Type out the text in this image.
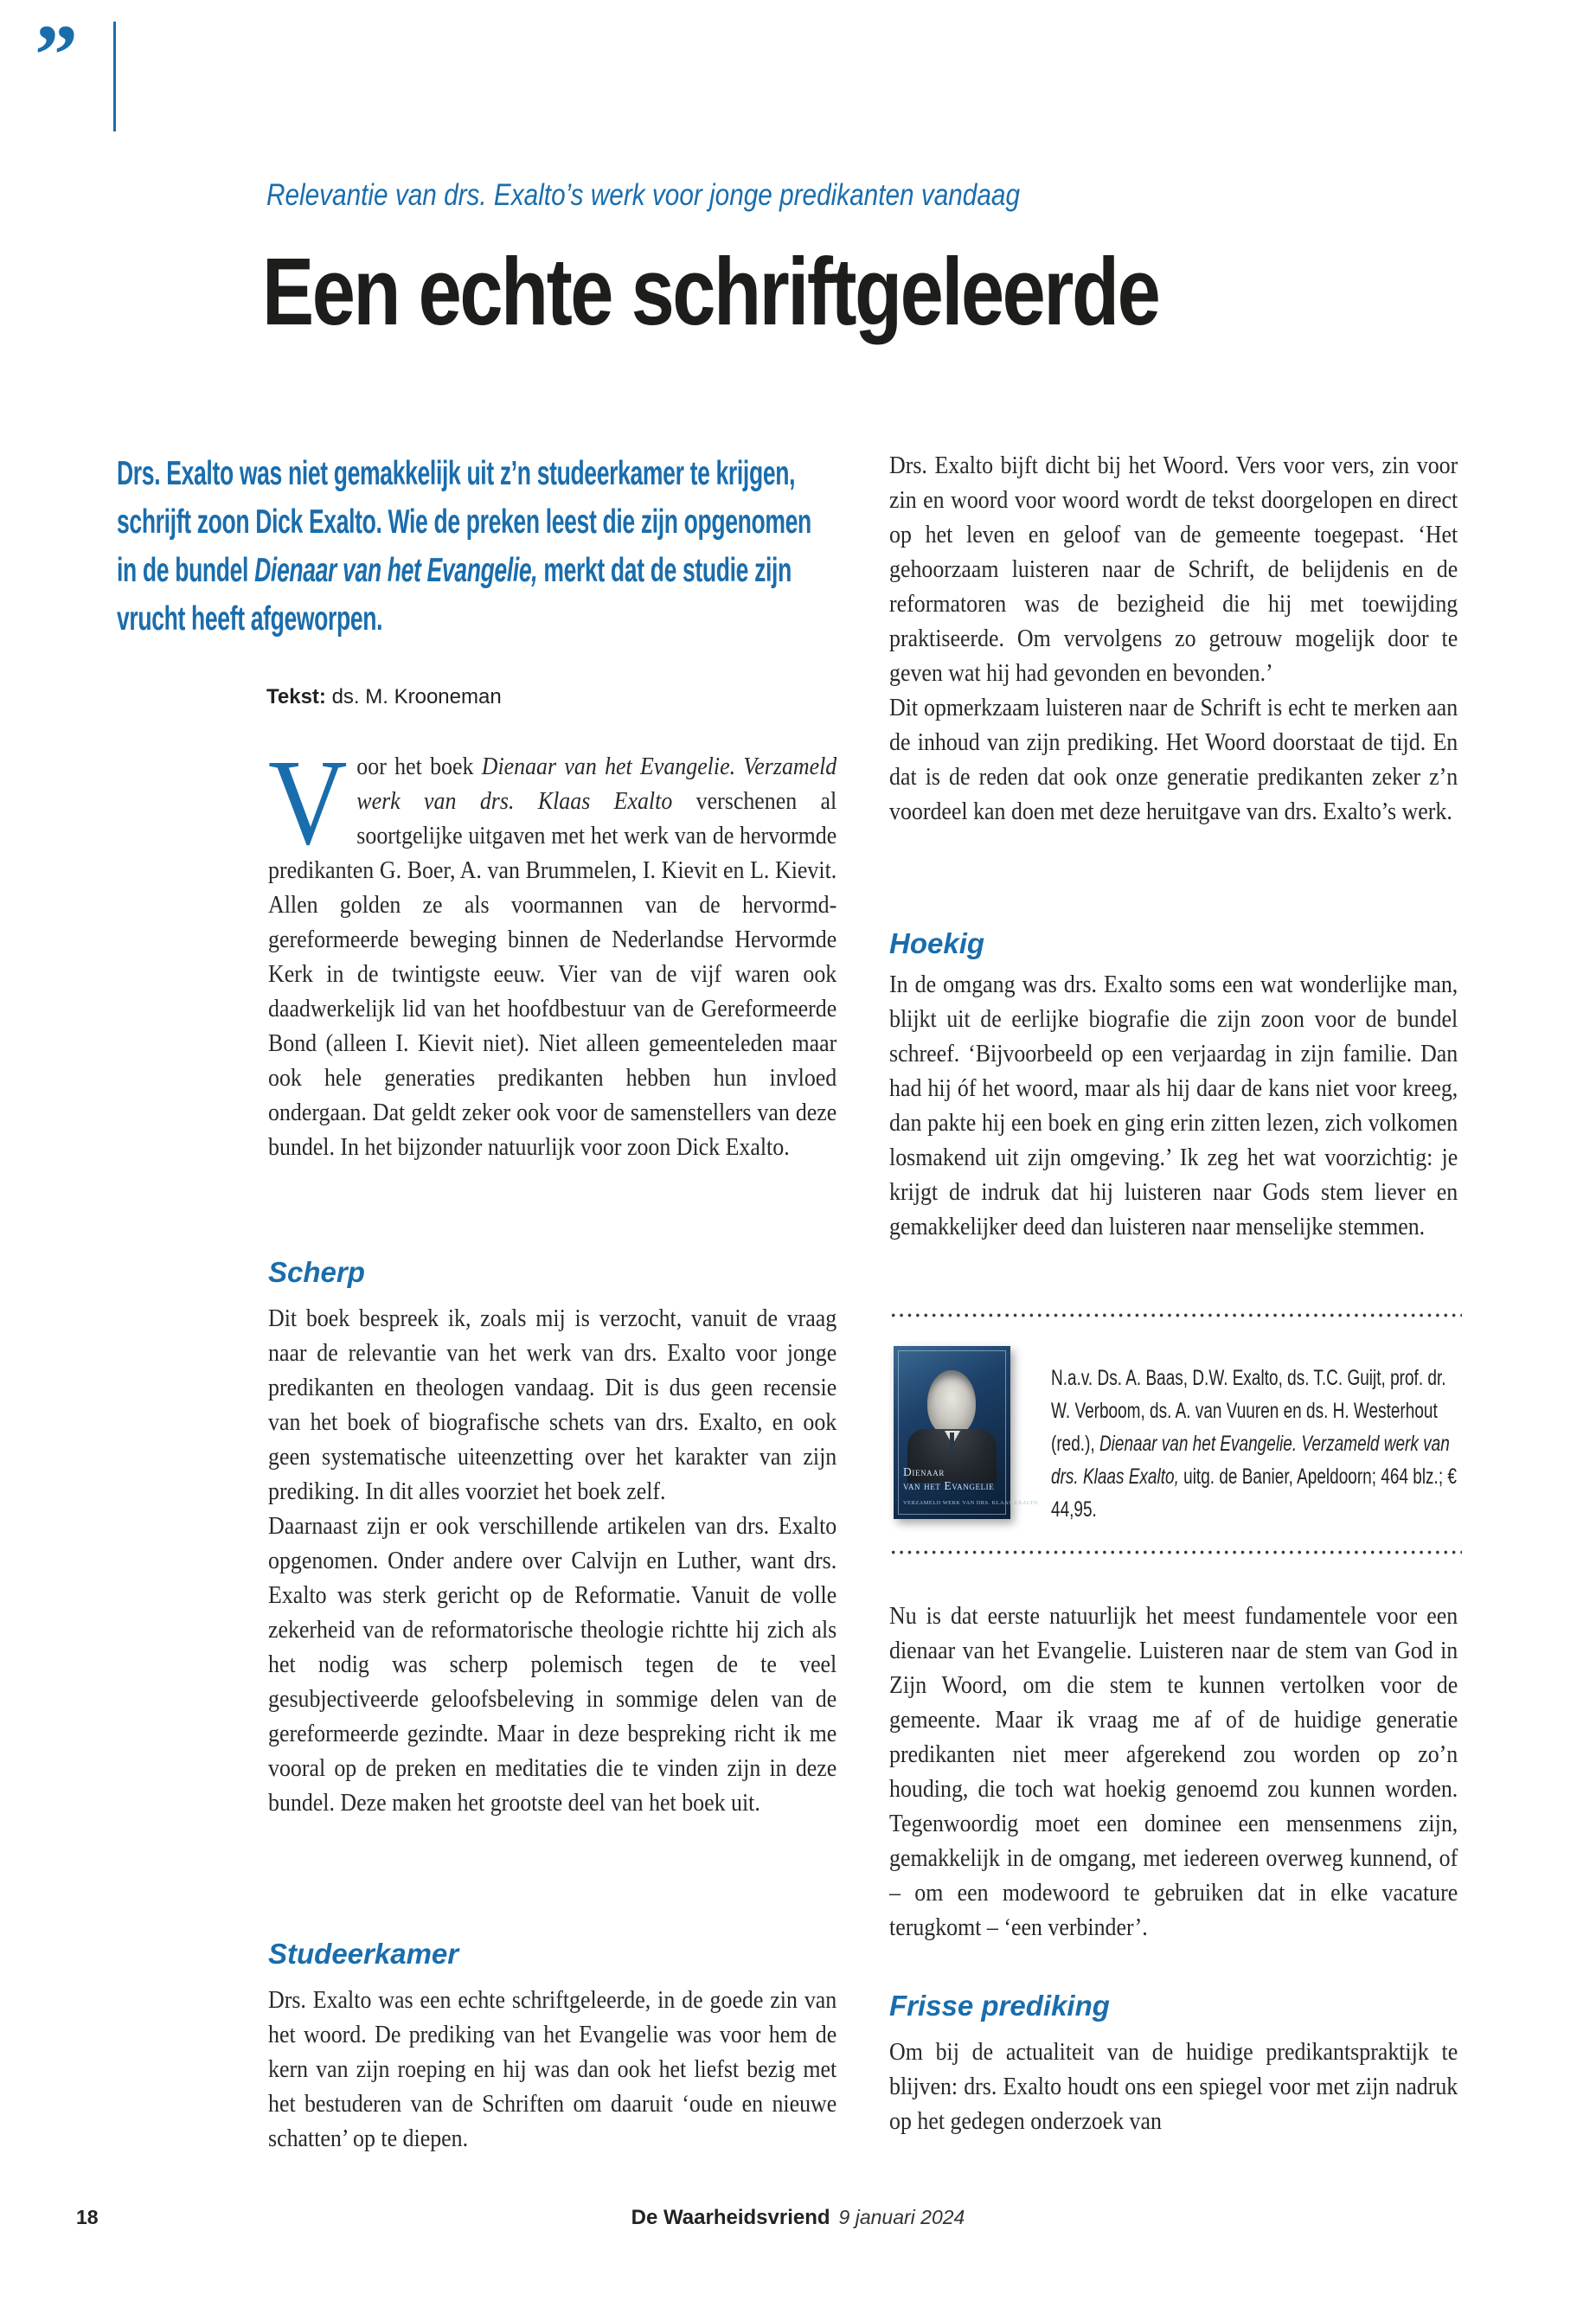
”
Relevantie van drs. Exalto’s werk voor jonge predikanten vandaag
Een echte schriftgeleerde
Drs. Exalto was niet gemakkelijk uit z’n studeerkamer te krijgen, schrijft zoon Dick Exalto. Wie de preken leest die zijn opgenomen in de bundel Dienaar van het Evangelie, merkt dat de studie zijn vrucht heeft afgeworpen.
Tekst: ds. M. Krooneman

Voor het boek Dienaar van het Evangelie. Verzameld werk van drs. Klaas Exalto verschenen al soortgelijke uitgaven met het werk van de hervormde predikanten G. Boer, A. van Brummelen, I. Kievit en L. Kievit. Allen golden ze als voormannen van de hervormd-gereformeerde beweging binnen de Nederlandse Hervormde Kerk in de twintigste eeuw. Vier van de vijf waren ook daadwerkelijk lid van het hoofdbestuur van de Gereformeerde Bond (alleen I. Kievit niet). Niet alleen gemeenteleden maar ook hele generaties predikanten hebben hun invloed ondergaan. Dat geldt zeker ook voor de samenstellers van deze bundel. In het bijzonder natuurlijk voor zoon Dick Exalto.

Scherp

Dit boek bespreek ik, zoals mij is verzocht, vanuit de vraag naar de relevantie van het werk van drs. Exalto voor jonge predikanten en theologen vandaag. Dit is dus geen recensie van het boek of biografische schets van drs. Exalto, en ook geen systematische uiteenzetting over het karakter van zijn prediking. In dit alles voorziet het boek zelf.

Daarnaast zijn er ook verschillende artikelen van drs. Exalto opgenomen. Onder andere over Calvijn en Luther, want drs. Exalto was sterk gericht op de Reformatie. Vanuit de volle zekerheid van de reformatorische theologie richtte hij zich als het nodig was scherp polemisch tegen de te veel gesubjectiveerde geloofsbeleving in sommige delen van de gereformeerde gezindte. Maar in deze bespreking richt ik me vooral op de preken en meditaties die te vinden zijn in deze bundel. Deze maken het grootste deel van het boek uit.

Studeerkamer

Drs. Exalto was een echte schriftgeleerde, in de goede zin van het woord. De prediking van het Evangelie was voor hem de kern van zijn roeping en hij was dan ook het liefst bezig met het bestuderen van de Schriften om daaruit ‘oude en nieuwe schatten’ op te diepen.

Drs. Exalto bijft dicht bij het Woord. Vers voor vers, zin voor zin en woord voor woord wordt de tekst doorgelopen en direct op het leven en geloof van de gemeente toegepast. ‘Het gehoorzaam luisteren naar de Schrift, de belijdenis en de reformatoren was de bezigheid die hij met toewijding praktiseerde. Om vervolgens zo getrouw mogelijk door te geven wat hij had gevonden en bevonden.’

Dit opmerkzaam luisteren naar de Schrift is echt te merken aan de inhoud van zijn prediking. Het Woord doorstaat de tijd. En dat is de reden dat ook onze generatie predikanten zeker z’n voordeel kan doen met deze heruitgave van drs. Exalto’s werk.

Hoekig

In de omgang was drs. Exalto soms een wat wonderlijke man, blijkt uit de eerlijke biografie die zijn zoon voor de bundel schreef. ‘Bijvoorbeeld op een verjaardag in zijn familie. Dan had hij óf het woord, maar als hij daar de kans niet voor kreeg, dan pakte hij een boek en ging erin zitten lezen, zich volkomen losmakend uit zijn omgeving.’ Ik zeg het wat voorzichtig: je krijgt de indruk dat hij luisteren naar Gods stem liever en gemakkelijker deed dan luisteren naar menselijke stemmen.

Dienaar
van het Evangelie
VERZAMELD WERK VAN DRS. KLAAS EXALTO
N.a.v. Ds. A. Baas, D.W. Exalto, ds. T.C. Guijt, prof. dr. W. Verboom, ds. A. van Vuuren en ds. H. Westerhout (red.), Dienaar van het Evangelie. Verzameld werk van drs. Klaas Exalto, uitg. de Banier, Apeldoorn; 464 blz.; € 44,95.

Nu is dat eerste natuurlijk het meest fundamentele voor een dienaar van het Evangelie. Luisteren naar de stem van God in Zijn Woord, om die stem te kunnen vertolken voor de gemeente. Maar ik vraag me af of de huidige generatie predikanten niet meer afgerekend zou worden op zo’n houding, die toch wat hoekig genoemd zou kunnen worden. Tegenwoordig moet een dominee een mensenmens zijn, gemakkelijk in de omgang, met iedereen overweg kunnend, of – om een modewoord te gebruiken dat in elke vacature terugkomt – ‘een verbinder’.

Frisse prediking

Om bij de actualiteit van de huidige predikantspraktijk te blijven: drs. Exalto houdt ons een spiegel voor met zijn nadruk op het gedegen onderzoek van

18	De Waarheidsvriend 9 januari 2024
